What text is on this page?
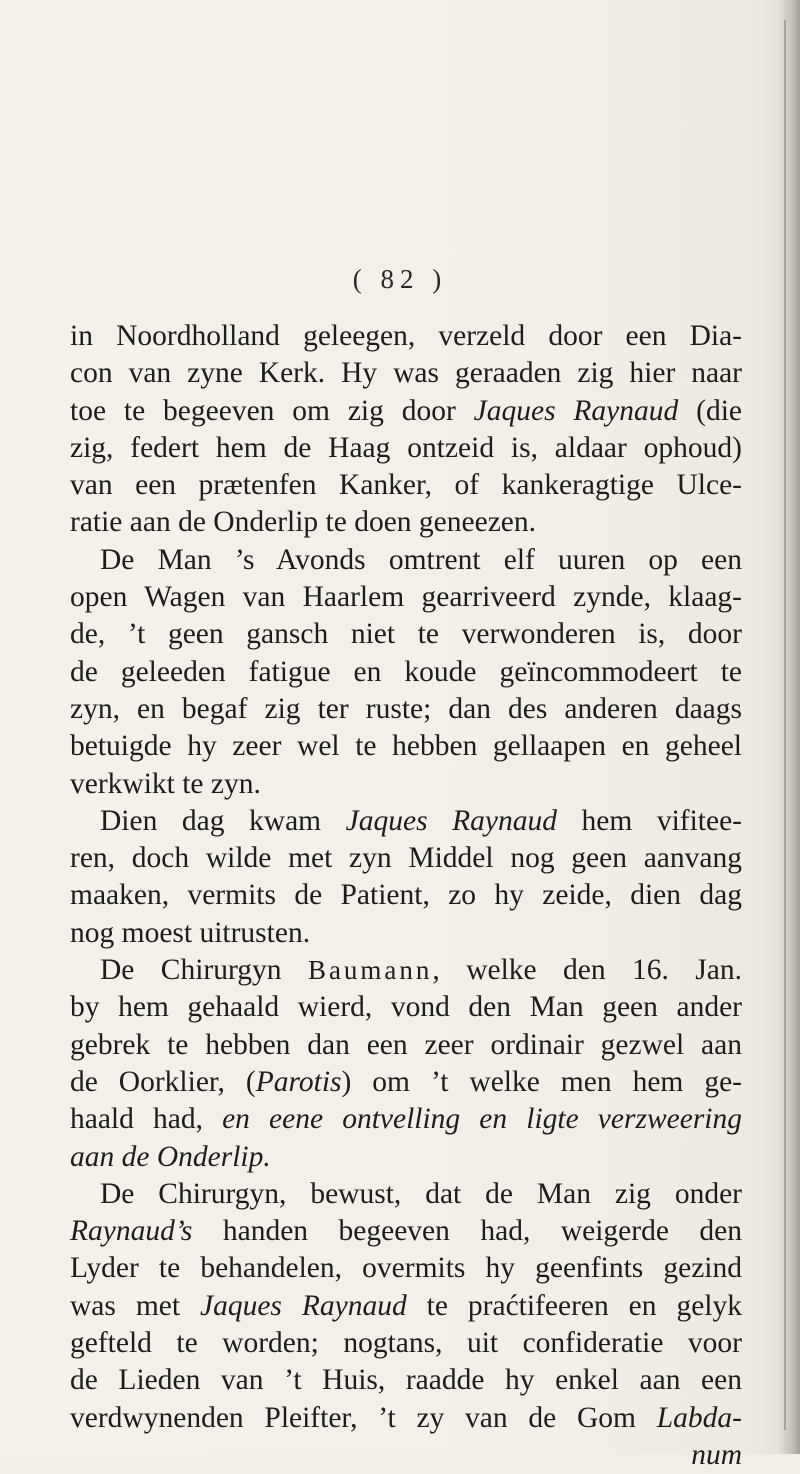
( 82 )
in Noordholland geleegen, verzeld door een Dia-
con van zyne Kerk. Hy was geraaden zig hier naar
toe te begeeven om zig door Jaques Raynaud (die
zig, federt hem de Haag ontzeid is, aldaar ophoud)
van een prætenfen Kanker, of kankeragtige Ulce-
ratie aan de Onderlip te doen geneezen.
De Man ’s Avonds omtrent elf uuren op een
open Wagen van Haarlem gearriveerd zynde, klaag-
de, ’t geen gansch niet te verwonderen is, door
de geleeden fatigue en koude geïncommodeert te
zyn, en begaf zig ter ruste; dan des anderen daags
betuigde hy zeer wel te hebben gellaapen en geheel
verkwikt te zyn.
Dien dag kwam Jaques Raynaud hem vifitee-
ren, doch wilde met zyn Middel nog geen aanvang
maaken, vermits de Patient, zo hy zeide, dien dag
nog moest uitrusten.
De Chirurgyn Baumann, welke den 16. Jan.
by hem gehaald wierd, vond den Man geen ander
gebrek te hebben dan een zeer ordinair gezwel aan
de Oorklier, (Parotis) om ’t welke men hem ge-
haald had, en eene ontvelling en ligte verzweering
aan de Onderlip.
De Chirurgyn, bewust, dat de Man zig onder
Raynaud’s handen begeeven had, weigerde den
Lyder te behandelen, overmits hy geenfints gezind
was met Jaques Raynaud te praćtifeeren en gelyk
gefteld te worden; nogtans, uit confideratie voor
de Lieden van ’t Huis, raadde hy enkel aan een
verdwynenden Pleifter, ’t zy van de Gom Labda-
num
